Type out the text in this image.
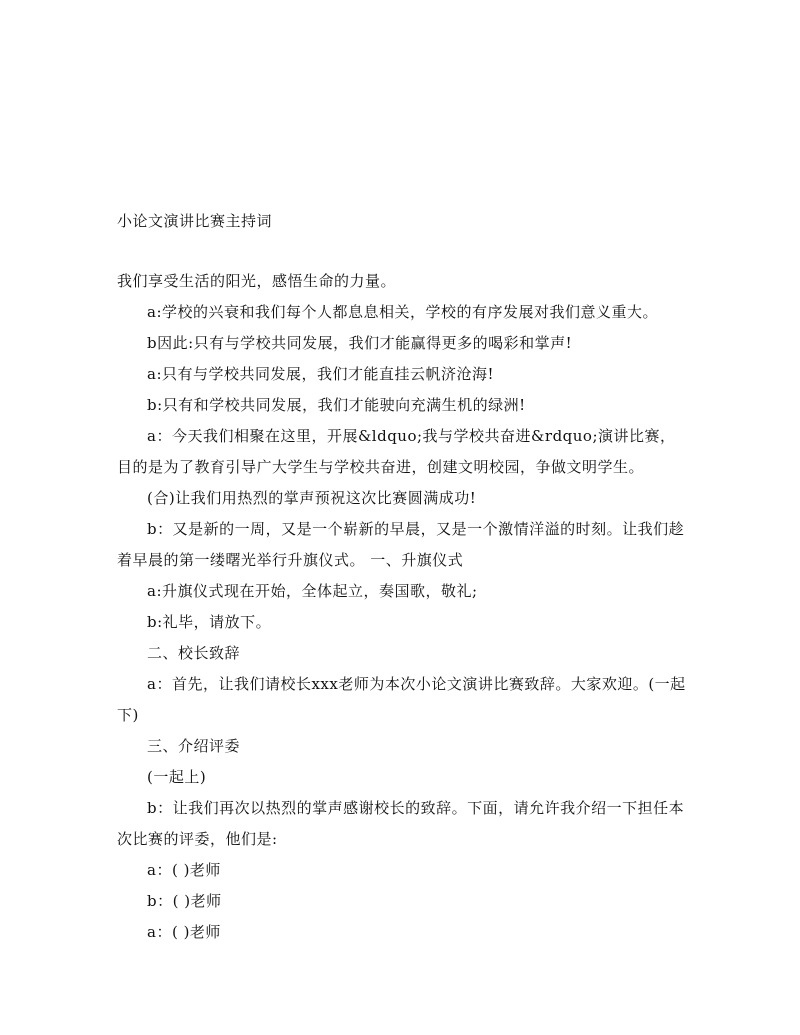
小论文演讲比赛主持词

我们享受生活的阳光，感悟生命的力量。

a:学校的兴衰和我们每个人都息息相关，学校的有序发展对我们意义重大。

b因此:只有与学校共同发展，我们才能赢得更多的喝彩和掌声!

a:只有与学校共同发展，我们才能直挂云帆济沧海!

b:只有和学校共同发展，我们才能驶向充满生机的绿洲!

a：今天我们相聚在这里，开展&ldquo;我与学校共奋进&rdquo;演讲比赛，目的是为了教育引导广大学生与学校共奋进，创建文明校园，争做文明学生。

(合)让我们用热烈的掌声预祝这次比赛圆满成功!

b：又是新的一周，又是一个崭新的早晨，又是一个激情洋溢的时刻。让我们趁着早晨的第一缕曙光举行升旗仪式。 一、升旗仪式

a:升旗仪式现在开始，全体起立，奏国歌，敬礼;

b:礼毕，请放下。

二、校长致辞

a：首先，让我们请校长xxx老师为本次小论文演讲比赛致辞。大家欢迎。(一起下)

三、介绍评委

(一起上)

b：让我们再次以热烈的掌声感谢校长的致辞。下面，请允许我介绍一下担任本次比赛的评委，他们是:

a：( )老师

b：( )老师

a：( )老师
